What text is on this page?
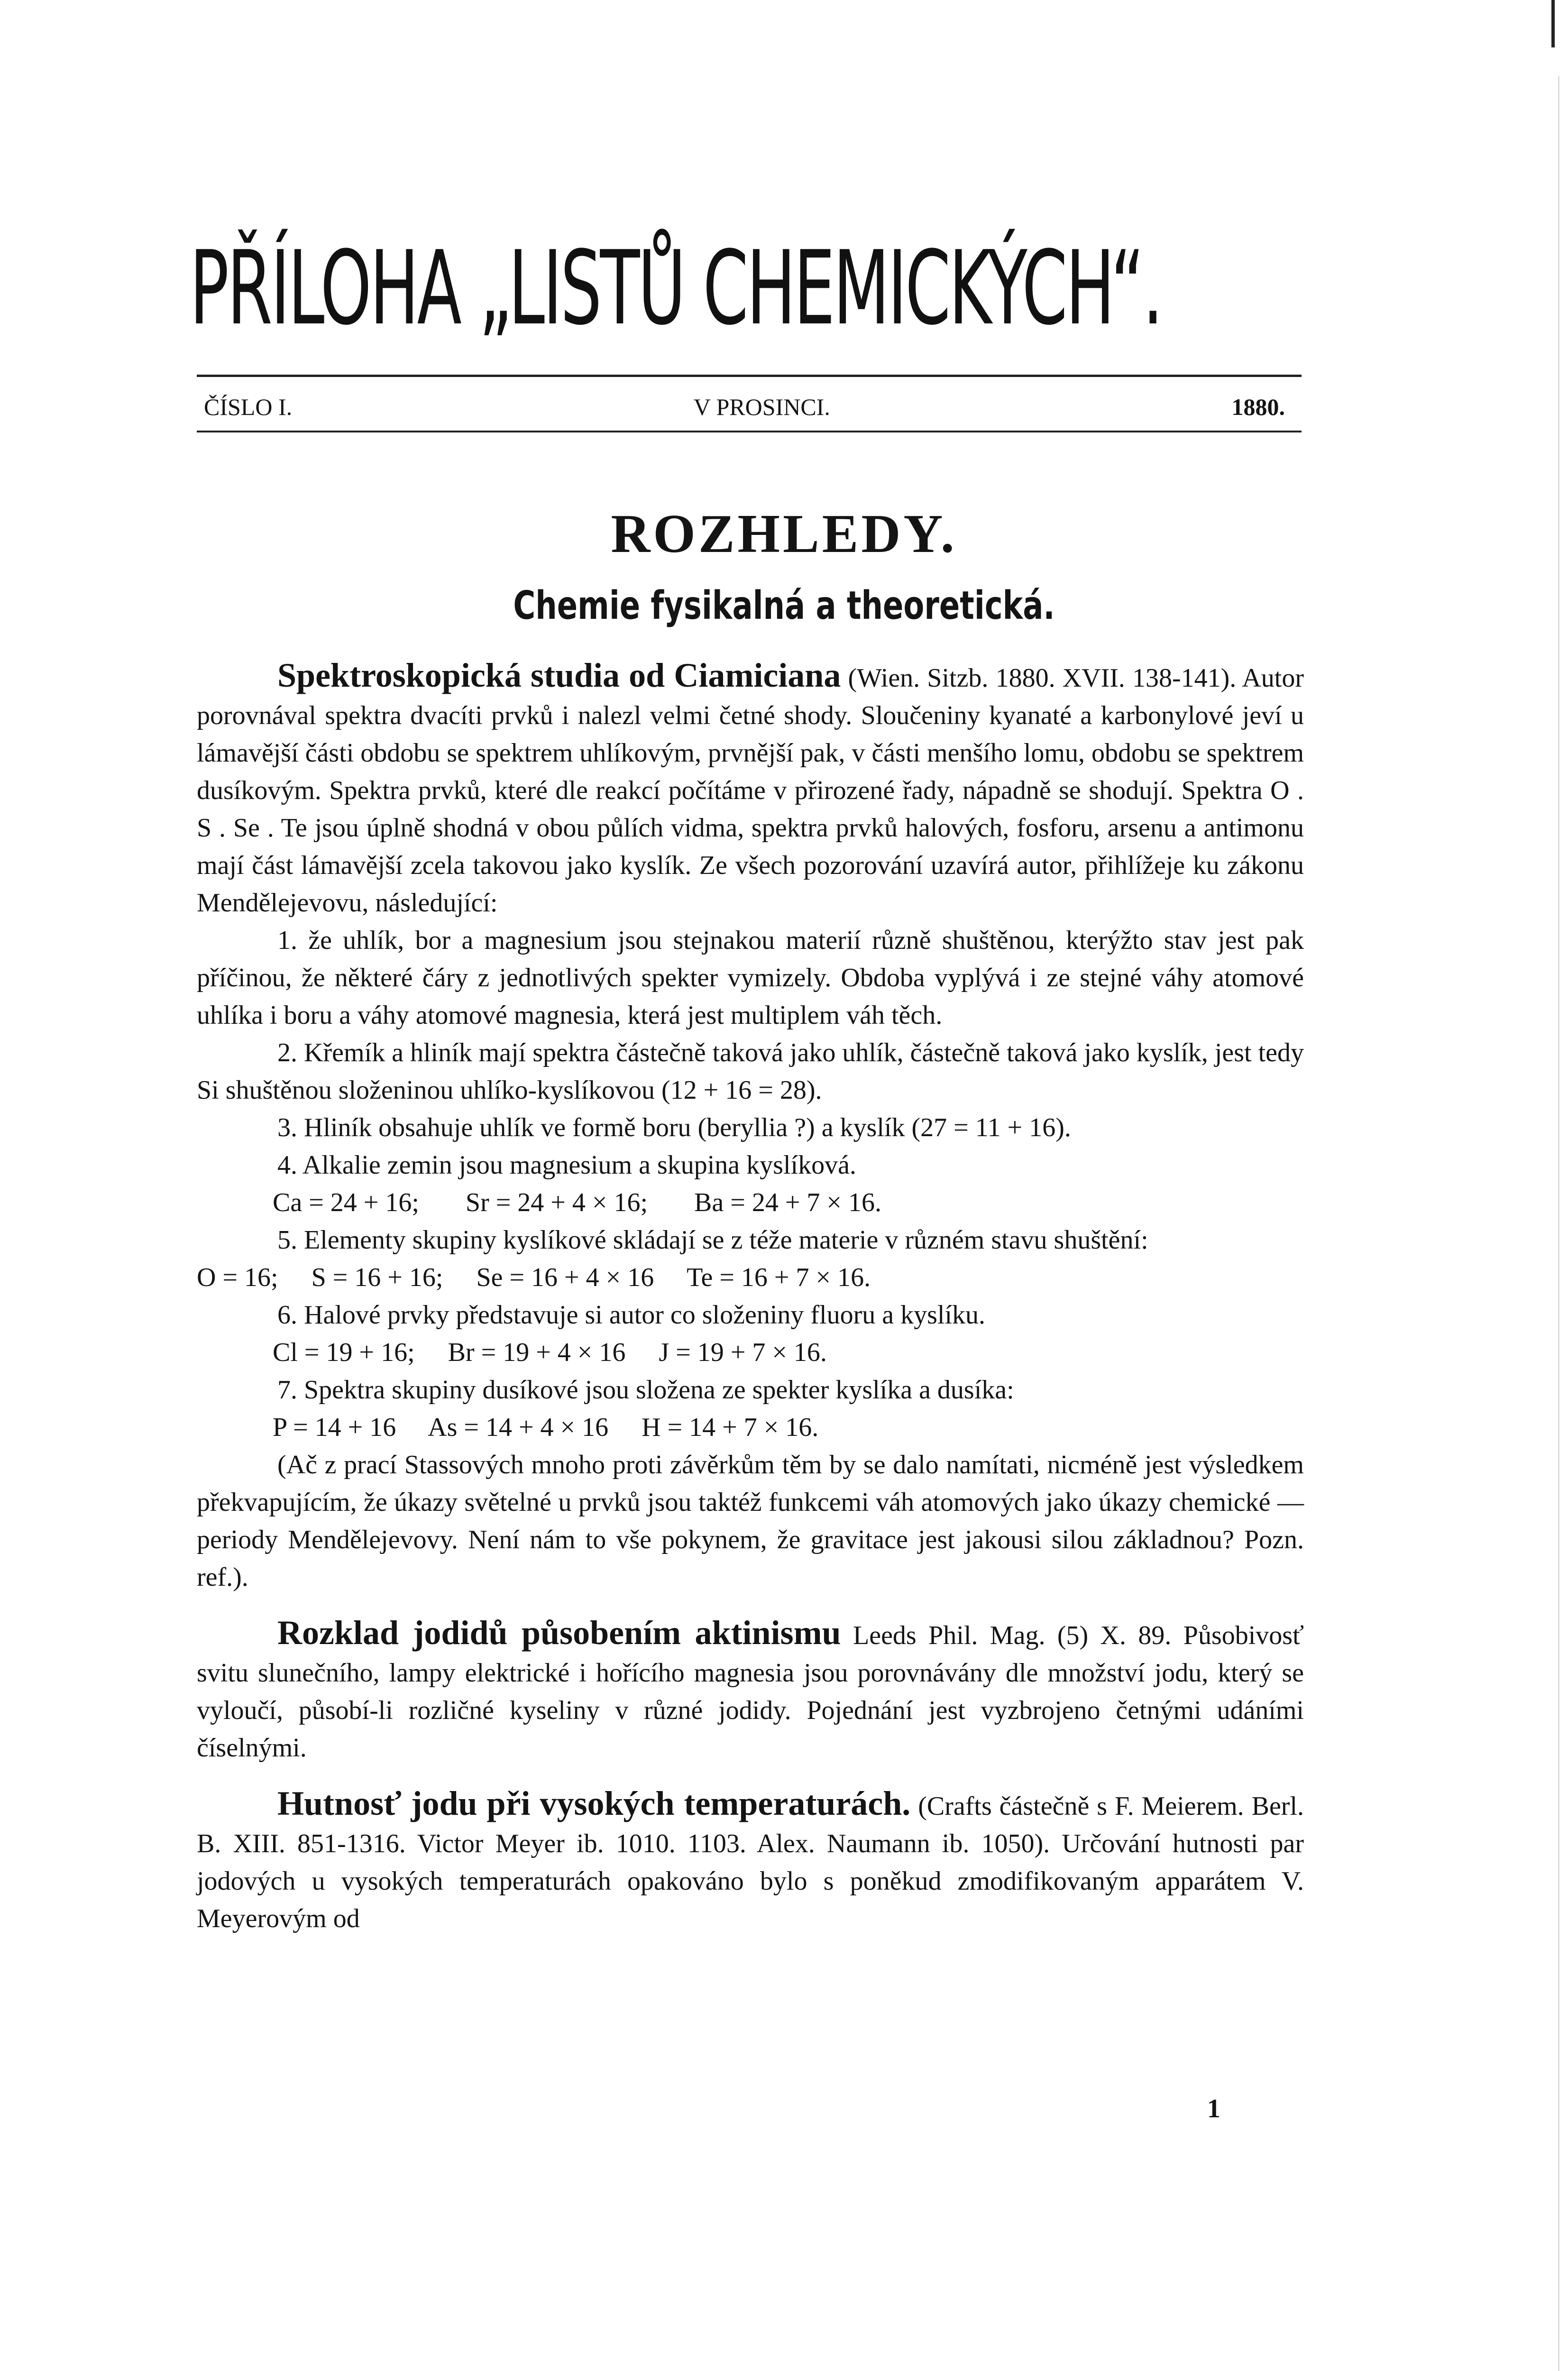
PŘÍLOHA „LISTŮ CHEMICKÝCH“.
ČÍSLO I.	V PROSINCI.	1880.
ROZHLEDY.
Chemie fysikalná a theoretická.

Spektroskopická studia od Ciamiciana (Wien. Sitzb. 1880. XVII. 138-141). Autor porovnával spektra dvacíti prvků i nalezl velmi četné shody. Sloučeniny kyanaté a karbonylové jeví u lámavější části obdobu se spektrem uhlíkovým, prvnější pak, v části menšího lomu, obdobu se spektrem dusíkovým. Spektra prvků, které dle reakcí počítáme v přirozené řady, nápadně se shodují. Spektra O . S . Se . Te jsou úplně shodná v obou půlích vidma, spektra prvků halových, fosforu, arsenu a antimonu mají část lámavější zcela takovou jako kyslík. Ze všech pozorování uzavírá autor, přihlížeje ku zákonu Mendělejevovu, následující:

1. že uhlík, bor a magnesium jsou stejnakou materií různě shuštěnou, kterýžto stav jest pak příčinou, že některé čáry z jednotlivých spekter vymizely. Obdoba vyplývá i ze stejné váhy atomové uhlíka i boru a váhy atomové magnesia, která jest multiplem váh těch.

2. Křemík a hliník mají spektra částečně taková jako uhlík, částečně taková jako kyslík, jest tedy Si shuštěnou složeninou uhlíko-kyslíkovou (12 + 16 = 28).

3. Hliník obsahuje uhlík ve formě boru (beryllia ?) a kyslík (27 = 11 + 16).

4. Alkalie zemin jsou magnesium a skupina kyslíková.

Ca = 24 + 16;       Sr = 24 + 4 × 16;       Ba = 24 + 7 × 16.

5. Elementy skupiny kyslíkové skládají se z téže materie v různém stavu shuštění:

O = 16;     S = 16 + 16;     Se = 16 + 4 × 16     Te = 16 + 7 × 16.

6. Halové prvky představuje si autor co složeniny fluoru a kyslíku.

Cl = 19 + 16;     Br = 19 + 4 × 16     J = 19 + 7 × 16.

7. Spektra skupiny dusíkové jsou složena ze spekter kyslíka a dusíka:

P = 14 + 16     As = 14 + 4 × 16     H = 14 + 7 × 16.

(Ač z prací Stassových mnoho proti závěrkům těm by se dalo namítati, nicméně jest výsledkem překvapujícím, že úkazy světelné u prvků jsou taktéž funkcemi váh atomových jako úkazy chemické — periody Mendělejevovy. Není nám to vše pokynem, že gravitace jest jakousi silou základnou? Pozn. ref.).

Rozklad jodidů působením aktinismu Leeds Phil. Mag. (5) X. 89. Působivosť svitu slunečního, lampy elektrické i hořícího magnesia jsou porovnávány dle množství jodu, který se vyloučí, působí-li rozličné kyseliny v různé jodidy. Pojednání jest vyzbrojeno četnými udáními číselnými.

Hutnosť jodu při vysokých temperaturách. (Crafts částečně s F. Meierem. Berl. B. XIII. 851-1316. Victor Meyer ib. 1010. 1103. Alex. Naumann ib. 1050). Určování hutnosti par jodových u vysokých temperaturách opakováno bylo s poněkud zmodifikovaným apparátem V. Meyerovým od

1
